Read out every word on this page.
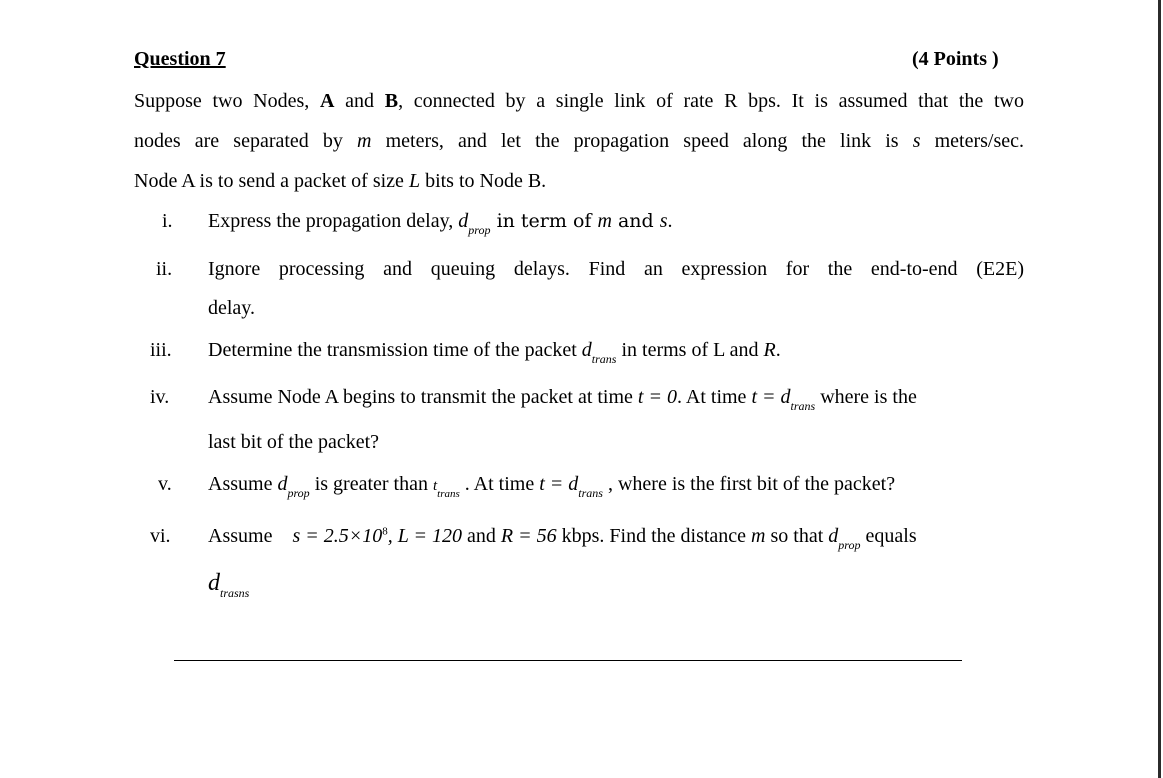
Question 7	(4 Points )
Suppose two Nodes, A and B, connected by a single link of rate R bps. It is assumed that the two
nodes are separated by m meters, and let the propagation speed along the link is s meters/sec.
Node A is to send a packet of size L bits to Node B.
i. Express the propagation delay, $d_{prop}$ in term of m and s.
ii. Ignore processing and queuing delays. Find an expression for the end-to-end (E2E)
delay.
iii. Determine the transmission time of the packet $d_{trans}$ in terms of L and R.
iv. Assume Node A begins to transmit the packet at time t = 0. At time $t = d_{trans}$ where is the
last bit of the packet?
v. Assume $d_{prop}$ is greater than $t_{trans}$ . At time $t = d_{trans}$ , where is the first bit of the packet?
vi. Assume $s = 2.5\times 10^8$, L = 120 and R = 56 kbps. Find the distance m so that $d_{prop}$ equals
$d_{trasns}$
